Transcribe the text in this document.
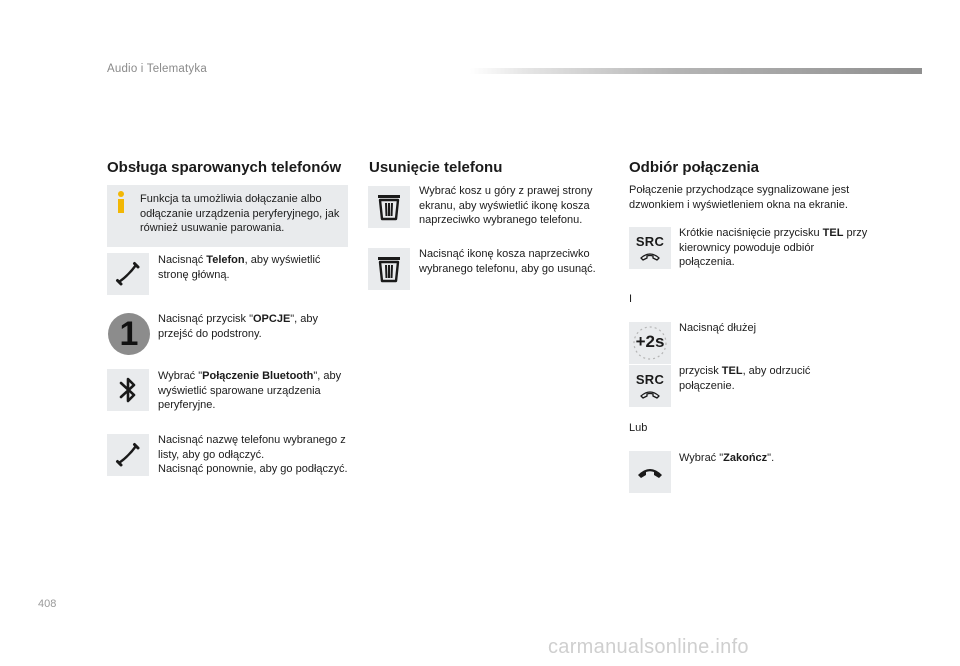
Audio i Telematyka
Obsługa sparowanych telefonów
Funkcja ta umożliwia dołączanie albo odłączanie urządzenia peryferyjnego, jak również usuwanie parowania.
Nacisnąć Telefon, aby wyświetlić stronę główną.
1	Nacisnąć przycisk "OPCJE", aby przejść do podstrony.
Wybrać "Połączenie Bluetooth", aby wyświetlić sparowane urządzenia peryferyjne.
Nacisnąć nazwę telefonu wybranego z listy, aby go odłączyć.
Nacisnąć ponownie, aby go podłączyć.
Usunięcie telefonu
Wybrać kosz u góry z prawej strony ekranu, aby wyświetlić ikonę kosza naprzeciwko wybranego telefonu.
Nacisnąć ikonę kosza naprzeciwko wybranego telefonu, aby go usunąć.
Odbiór połączenia
Połączenie przychodzące sygnalizowane jest dzwonkiem i wyświetleniem okna na ekranie.
SRC
Krótkie naciśnięcie przycisku TEL przy kierownicy powoduje odbiór połączenia.
I
+2s
Nacisnąć dłużej
SRC
przycisk TEL, aby odrzucić połączenie.
Lub
Wybrać "Zakończ".
408
carmanualsonline.info
